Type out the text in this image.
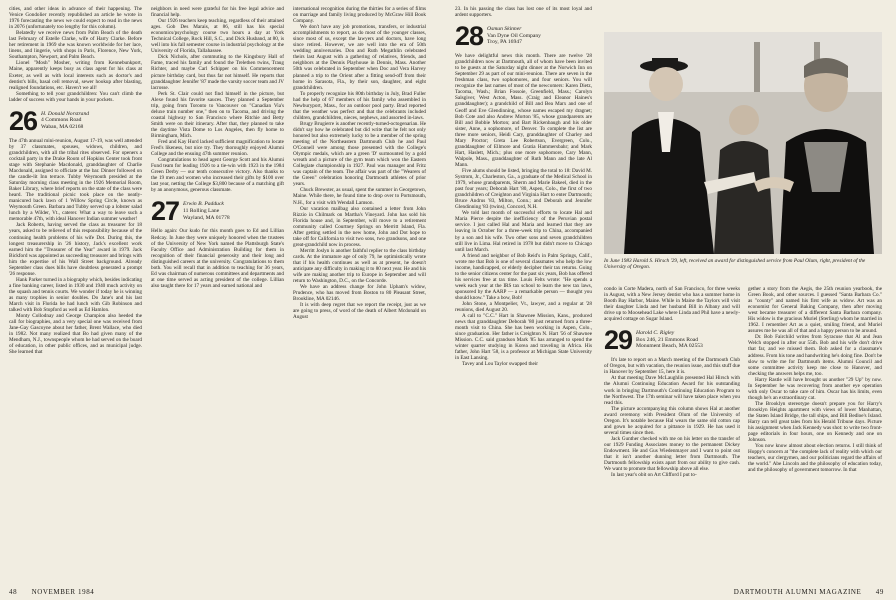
cities, and other ideas in advance of their happening. The Venice Gondolier recently republished an article he wrote in 1976 forecasting the news we could expect to read in the news in 2076 (unfortunately too lengthy for this column).

Belatedly we receive news from Palm Beach of the death last February of Estelle Clarke, wife of Harry Clarke. Before her retirement in 1969 she was known worldwide for her lace, linens, and lingerie, with shops in Paris, Florence, New York, Southampton, Newport, and Palm Beach.

Lionel "Mosh" Mosher, writing from Kennebunkport, Maine, apparently keeps busy as class agent for his class at Exeter, as well as with local interests such as doctor's and dentist's bills, basal cell removal, sewer hookup after blasting, realigned foundations, etc. Haven't we all!

Something to tell your grandchildren: You can't climb the ladder of success with your hands in your pockets.

26 H. Donald Norstrand
4 Commons Road
Waban, MA 02168

The 47th annual mini-reunion, August 17-19, was well attended by 37 classmates, spouses, widows, children, and grandchildren, with all the tribal rites observed. For openers a cocktail party in the Drake Room of Hopkins Center took front stage with Stephanie Macdonald, granddaughter of Charlie Macdonald, assigned to officiate at the bar. Dinner followed on the candle-lit Inn terrace. Tubby Weymouth presided at the Saturday morning class meeting in the 1926 Memorial Room, Baker Library, where brief reports on the state of the class were heard. The traditional picnic took place on the neatly-manicured back lawn of 1 Willow Spring Circle, known as Weymouth Green. Barbara and Tubby served up a lobster salad lunch by a Wilder, Vt., caterer. What a way to leave such a memorable 47th, with ideal Hanover Indian summer weather!

Jack Roberts, having served the class as treasurer for 18 years, asked to be relieved of this responsibility because of the continuing health problems of his wife Dot. During this, the longest treasurership in '26 history, Jack's excellent work earned him the "Treasurer of the Year" award in 1979. Jack Bickford was appointed as succeeding treasurer and brings with him the expertise of his Wall Street background. Already September class dues bills have doubtless generated a prompt '26 response.

Hank Parker turned in a biography which, besides indicating a fine banking career, listed in 1930 and 1940 much activity on the squash and tennis courts. We wonder if today he is winning as many trophies in senior doubles. Do Jane's and his last March visit in Florida he had lunch with Gib Robinson and talked with Bob Stopford as well as Ed Hamlon.

Monty Collodnay and George Champion also heeded the call for biographies, and a very special one was received from Jane-Gay Gascoyne about her father, Brent Wallace, who died in 1982. Not many realized that Bo had given many of the Mendham, N.J., townspeople whom he had served on the board of education, in other public offices, and as municipal judge. She learned that

neighbors in need were grateful for his free legal advice and financial help.

Our 1926 teachers keep teaching, regardless of their attained ages. Gob Des Marais, at 86, still has his special economics/psychology course two hours a day at York Technical College, Rock Hill, S.C., and Dick Husband, at 80, is well into his fall semester course in industrial psychology at the University of Florida, Tallahassee.

Dick Nichols, after commuting to the Kingsbury Hall of Fame, traced his family and found the Trelethen twins, Traug Richter, and maybe Carl Schipper on his Commencement picture birthday card, but thus far not himself. He reports that granddaughter Jennifer '87 made the varsity soccer team and JV lacrosse.

Perk St. Clair could not find himself in the picture, but Alexe found his favorite sauces. They planned a September trip, going from Toronto to Vancouver on "Canadian Via's deluxe train number one," then on to Tacoma, and driving the coastal highway to San Francisco where Ritchie and Betty Smith were on their itinerary. After that, they planned to take the daytime Vista Dome to Los Angeles, then fly home to Birmingham, Mich.

Fred and Kay Hurd lacked sufficient magnification to locate Fred's likeness, but nice try. They thoroughly enjoyed Alumni College and the ensuing 47th summer reunion.

Congratulations to head agent George Scott and his Alumni Fund team for leading 1926 to a tie-win with 1923 in the 1984 Green Derby — our tenth consecutive victory. Also thanks to the 19 men and women who increased their gifts by $100 over last year, netting the College $3,800 because of a matching gift by an anonymous, generous classmate.

27 Erwin B. Padduck
11 Rolling Lane
Wayland, MA 01778

Hello again: Our kudo for this month goes to Ed and Lillian Redcay. In June they were uniquely honored when the trustees of the University of New York named the Plattsburgh State's Faculty Office and Administration Building for them in recognition of their financial generosity and their long and distinguished careers at the university. Congratulations to them both. You will recall that in addition to teaching for 36 years, Ed was chairman of numerous committees and departments and at one time served as acting president of the college. Lillian also taught there for 17 years and earned national and

international recognition during the thirties for a series of films on marriage and family living produced by McGraw Hill Book Company.

We don't have any job promotions, transfers, or industrial accomplishments to report, as do most of the younger classes, since most of us, except the lawyers and doctors, have long since retired. However, we are well into the era of 50th wedding anniversaries. Don and Ruth Megathlin celebrated theirs last August with a gathering of relatives, friends, and neighbors at the Dennis Playhouse in Dennis, Mass. Another 50th was celebrated in September when Doc and Vera Harvey planned a trip to the Orient after a fitting send-off from their home in Sarasota, Fla., by their son, daughter, and eight grandchildren.

To properly recognize his 80th birthday in July, Brad Fuller had the help of 67 members of his family who assembled in Newburyport, Mass., for an outdoor pool party. Brad reported that the weather was perfect and that the celebrants included children, grandchildren, nieces, nephews, and assorted in-laws.

Brugy Brugierre is another recently-turned-octogenarian. He didn't say how he celebrated but did write that he felt not only honored but also extremely lucky to be a member of the spring meeting of the Northeastern Dartmouth Club he and Paul O'Connell were among those presented with the College's Olympic medals, which are a green 'D' surmounted by a gold wreath and a picture of the gym team which won the Eastern Collegiate championship in 1927. Paul was manager and Fritz was captain of the team. The affair was part of the "Wearers of the Green" celebration honoring Dartmouth athletes of prior years.

Chuck Brewster, as usual, spent the summer in Georgetown, Maine. While there, he found time to drop over to Portsmouth, N.H., for a visit with Wendall Lamson.

Our vacation mailbag also contained a letter from John Rizzio in Chilmark on Martha's Vineyard. John has sold his Florida house and, in September, will move to a retirement community called Courtney Springs on Merritt Island, Fla. After getting settled in the new home, John and Dot hope to take off for California to visit two sons, two grandsons, and one great-grandchild now in process.

Merritt Joslyn is another faithful replier to the class birthday cards. At the immature age of only 79, he optimistically wrote that if his health continues as well as at present, he doesn't anticipate any difficulty in making it to 80 next year. He and his wife are making another trip to Europe in September and will return to Washington, D.C., on the Concorde.

We have an address change for John Upham's widow, Prudence, who has moved from Boston to 80 Pleasant Street, Brookline, MA 02146.

It is with deep regret that we report the receipt, just as we are going to press, of word of the death of Albert Mcdonald on August

48 NOVEMBER 1984

23. In his passing the class has lost one of its most loyal and ardent supporters.

28 Osmun Skinner
Van Dyne Oil Company
Troy, PA 16947

We have delightful news this month. There are twelve '28 grandchildren now at Dartmouth, all of whom have been invited to be guests at the Saturday night dinner at the Norwich Inn on September 29 as part of our mini-reunion. There are seven in the freshman class, two sophomores, and four seniors. You will recognize the last names of most of the newcomers: Karen Dietz, Tacoma, Wash.; Brian Fossoie, Greenfield, Mass.; Carolyn Salsgiver, West Acton, Mass. (Craig and Eleanor Haines's granddaughter); a grandchild of Bill and Bea Marx and one of Geoff and Eve Glendinning, whose names escaped my dragnet; Bob Cote and also Andrew Morton '85, whose grandparents are Bill and Bobbie Morton; and Bart Rickenbaugh and his older sister, Anne, a sophomore, of Denver. To complete the list are three more seniors, Heidi Cary, granddaughter of Charley and Mary Proctor; Greta Lee Robertson, Evergreen, Colo., granddaughter of Ellmore and Gratia Hammersbahr; and Mark Hart, Haslett, Mich.; plus one more sophomore, Cary Mann, Walpole, Mass., granddaughter of Ruth Mann and the late Al Mann.

Five alums should be listed, bringing the total to 18: David M. Systrom, Jr., Charleston, Ga., a graduate of the Medical School in 1979, whose grandparents, Sherm and Marie Bakeel, died in the past four years; Deborah Hart '80, Aspen, Colo., the first of two grandchildren of Creighton and Virginia Hart to enter Dartmouth; Bruce Andrus '83, Milton, Conn.; and Deborah and Jennifer Glendinning '83 (twins), Concord, N.H.

We told last month of successful efforts to locate Hal and Maria Pierce despite the inefficiency of the Peruvian postal service. I just called Hal and Maria and learned that they are leaving in October for a three-week trip to China, accompanied by a son and his wife. Two other sons and seven grandchildren still live in Lima. Hal retired in 1978 but didn't move to Chicago until last March.

A friend and neighbor of Bob Reid's in Palm Springs, Calif., wrote me that Bob is one of several classmates who help the low income, handicapped, or elderly decipher their tax returns. Going to the senior citizens center for the past six years, Bob has offered his services free at tax time. Louis Felts wrote: "He spends a week each year at the IRS tax school to learn the new tax laws, sponsored by the AARP — a remarkable person — thought you should know." Take a bow, Bob!

John Stone, a Montpelier, Vt., lawyer, and a regular at '28 reunions, died August 20.

A call to "C.C." Hart in Shawnee Mission, Kans., produced news that granddaughter Deborah '80 just returned from a three-month visit to China. She has been working in Aspen, Colo., since graduation. Her father is Creighton N. Hart '56 of Shawnee Mission. C.C. said grandson Mark '85 has arranged to spend the winter quarter studying in Korea and traveling in Africa. His father, John Hart '58, is a professor at Michigan State University in East Lansing.

Tavey and Lou Taylor swapped their

In June 1983 Harold S. Hirsch '29, left, received an award for distinguished service from Paul Olum, right, president of the University of Oregon.

condo in Corte Madera, north of San Francisco, for three weeks in August, with a New Jersey dentist who has a summer home in Booth Bay Harbor, Maine. While in Maine the Taylors will visit their daughter Linda and her husband Bill in Albany and will drive up to Moosehead Lake where Linda and Phil have a newly-acquired cottage on Sugar Island.

29 Harold C. Rigley
Box 246, 21 Emmons Road
Monument Beach, MA 02553

It's late to report on a March meeting of the Dartmouth Club of Oregon, but with vacation, the reunion issue, and this stuff due in Hanover by September 15, here it is.

At that meeting Dave McLaughlin presented Hal Hirsch with the Alumni Continuing Education Award for his outstanding work in bringing Dartmouth's Continuing Education Program to the Northwest. The 17th seminar will have taken place when you read this.

The picture accompanying this column shows Hal at another award ceremony with President Olum of the University of Oregon. It's notable because Hal wears the same old cotton cap and gown he acquired for a pittance in 1929. He has used it several times since then.

Jack Gunther checked with me on his letter on the transfer of our 1929 Funding Associates money to the permanent Dickey Endowment. He and Gus Wiedenmayer and I want to point out that it isn't another dunning letter from Dartmouth. The Dartmouth fellowship exists apart from our ability to give cash. We want to promote that fellowship above all else.

In last year's obit on Art Clifford I put to-

gether a story from the Aegis, the 25th reunion yearbook, the Green Book, and other sources. I guessed "Santa Barbara Co." as "county" and named his first wife as widow. Art was an economist for General Baking Company, then after moving west became treasurer of a different Santa Barbara company. His widow is the gracious Muriel (Sterling) whom he married in 1962. I remember Art as a quiet, smiling friend, and Muriel assures me he was all of that and a happy person to be around.

Dr. Bob Fairchild writes from Syracuse that Al and Jean Welch stopped in after our 55th. Bob and his wife don't drive that far, and we missed them. Bob asked for a classmate's address. From his tone and handwriting he's doing fine. Don't be slow to write me for Dartmouth items. Alumni Council and some committee activity keep me close to Hanover, and checking the answers helps me, too.

Harry Rastle will have brought us another "29 Up" by now. In September he was recovering from another eye operation with only Oscar to take care of him. Oscar has his limits, even though he's an extraordinary cat.

The Brooklyn stereotype doesn't prepare you for Harry's Brooklyn Heights apartment with views of lower Manhattan, the Staten Island Bridge, the tall ships, and Bill Bedloe's Island. Harry can tell great tales from his Herald Tribune days. Picture his assignment when Jack Kennedy was shot: to write two front-page editorials in four hours, one on Kennedy and one on Johnson.

You now know almost about election returns. I still think of Hoppy's concern at "the complete lack of reality with which our teachers, our clergymen, and our politicians regard the affairs of the world." Abe Lincoln and the philosophy of education today, and the philosophy of government tomorrow. In that

DARTMOUTH ALUMNI MAGAZINE 49
